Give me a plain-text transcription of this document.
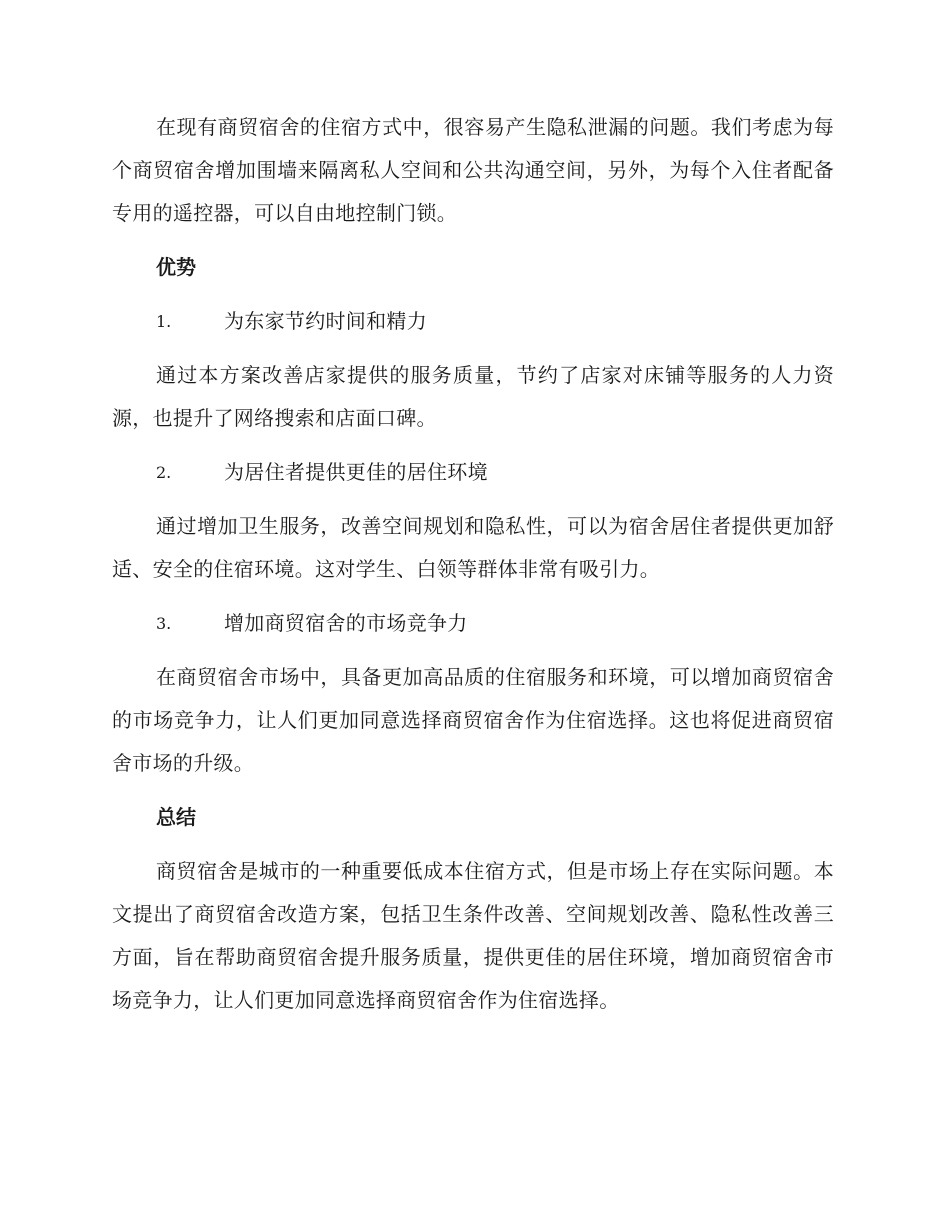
在现有商贸宿舍的住宿方式中，很容易产生隐私泄漏的问题。我们考虑为每个商贸宿舍增加围墙来隔离私人空间和公共沟通空间，另外，为每个入住者配备专用的遥控器，可以自由地控制门锁。

优势
1.	为东家节约时间和精力

通过本方案改善店家提供的服务质量，节约了店家对床铺等服务的人力资源，也提升了网络搜索和店面口碑。

2.	为居住者提供更佳的居住环境

通过增加卫生服务，改善空间规划和隐私性，可以为宿舍居住者提供更加舒适、安全的住宿环境。这对学生、白领等群体非常有吸引力。

3.	增加商贸宿舍的市场竞争力

在商贸宿舍市场中，具备更加高品质的住宿服务和环境，可以增加商贸宿舍的市场竞争力，让人们更加同意选择商贸宿舍作为住宿选择。这也将促进商贸宿舍市场的升级。

总结

商贸宿舍是城市的一种重要低成本住宿方式，但是市场上存在实际问题。本文提出了商贸宿舍改造方案，包括卫生条件改善、空间规划改善、隐私性改善三方面，旨在帮助商贸宿舍提升服务质量，提供更佳的居住环境，增加商贸宿舍市场竞争力，让人们更加同意选择商贸宿舍作为住宿选择。
